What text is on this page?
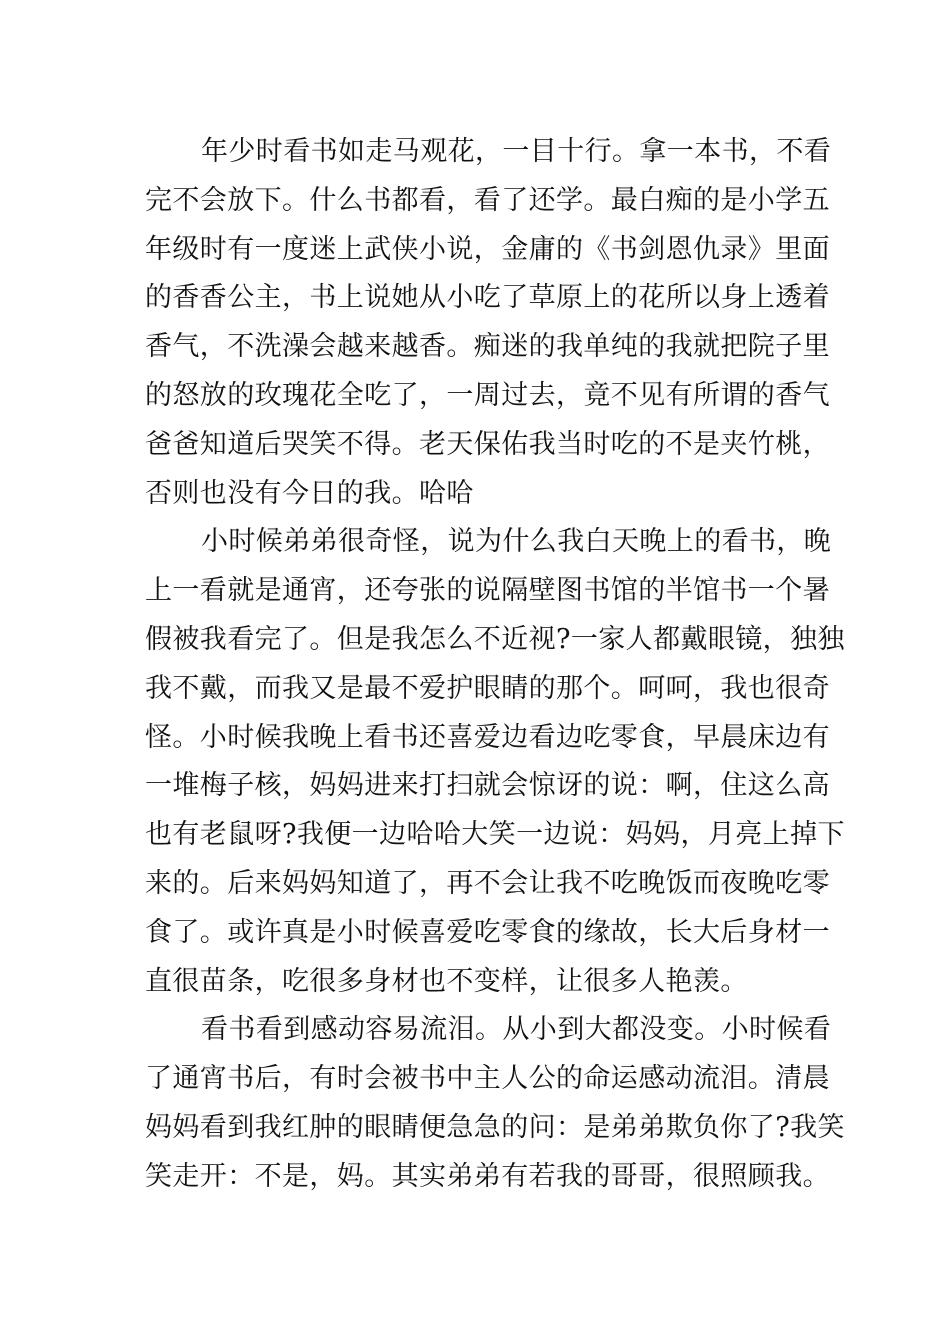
年少时看书如走马观花，一目十行。拿一本书，不看
完不会放下。什么书都看，看了还学。最白痴的是小学五
年级时有一度迷上武侠小说，金庸的《书剑恩仇录》里面
的香香公主，书上说她从小吃了草原上的花所以身上透着
香气，不洗澡会越来越香。痴迷的我单纯的我就把院子里
的怒放的玫瑰花全吃了，一周过去，竟不见有所谓的香气
爸爸知道后哭笑不得。老天保佑我当时吃的不是夹竹桃，
否则也没有今日的我。哈哈
小时候弟弟很奇怪，说为什么我白天晚上的看书，晚
上一看就是通宵，还夸张的说隔壁图书馆的半馆书一个暑
假被我看完了。但是我怎么不近视?一家人都戴眼镜，独独
我不戴，而我又是最不爱护眼睛的那个。呵呵，我也很奇
怪。小时候我晚上看书还喜爱边看边吃零食，早晨床边有
一堆梅子核，妈妈进来打扫就会惊讶的说：啊，住这么高
也有老鼠呀?我便一边哈哈大笑一边说：妈妈，月亮上掉下
来的。后来妈妈知道了，再不会让我不吃晚饭而夜晚吃零
食了。或许真是小时候喜爱吃零食的缘故，长大后身材一
直很苗条，吃很多身材也不变样，让很多人艳羡。
看书看到感动容易流泪。从小到大都没变。小时候看
了通宵书后，有时会被书中主人公的命运感动流泪。清晨
妈妈看到我红肿的眼睛便急急的问：是弟弟欺负你了?我笑
笑走开：不是，妈。其实弟弟有若我的哥哥，很照顾我。
